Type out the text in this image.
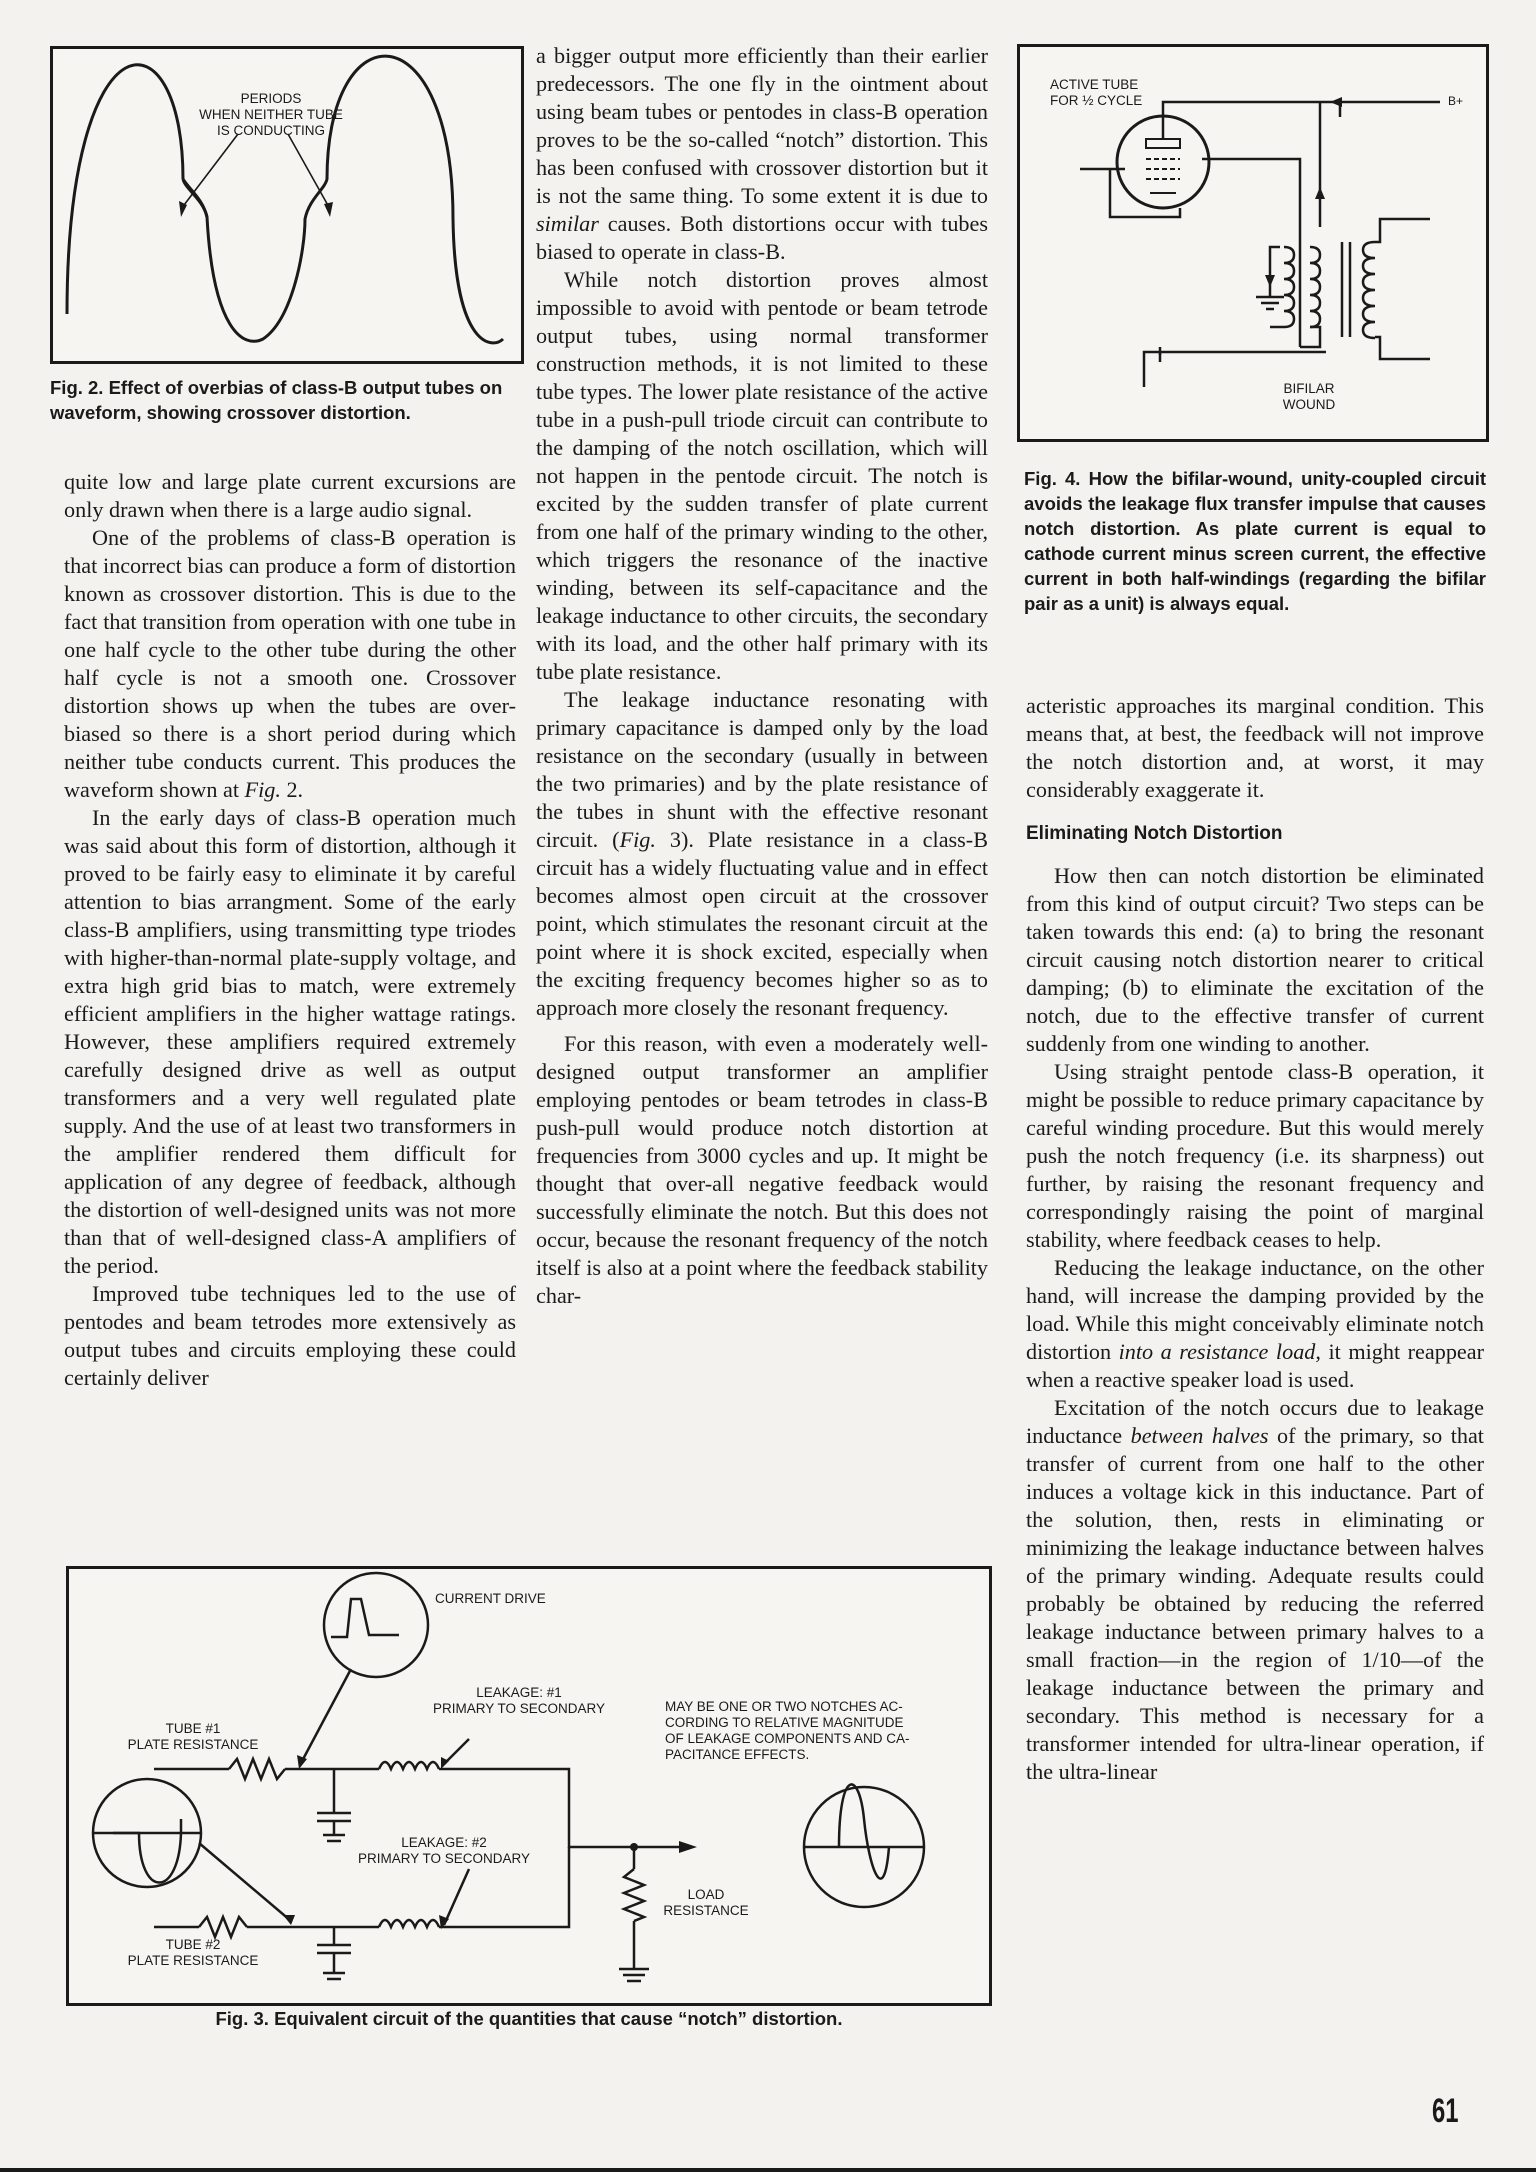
PERIODS
WHEN NEITHER TUBE
IS CONDUCTING
Fig. 2. Effect of overbias of class-B output tubes on waveform, showing crossover distortion.
ACTIVE TUBE
FOR ½ CYCLE	B+
BIFILAR
WOUND
Fig. 4. How the bifilar-wound, unity-coupled circuit avoids the leakage flux transfer impulse that causes notch distortion. As plate current is equal to cathode current minus screen current, the effective current in both half-windings (regarding the bifilar pair as a unit) is always equal.

quite low and large plate current excursions are only drawn when there is a large audio signal.

One of the problems of class-B operation is that incorrect bias can produce a form of distortion known as crossover distortion. This is due to the fact that transition from operation with one tube in one half cycle to the other tube during the other half cycle is not a smooth one. Crossover distortion shows up when the tubes are over-biased so there is a short period during which neither tube conducts current. This produces the waveform shown at Fig. 2.

In the early days of class-B operation much was said about this form of distortion, although it proved to be fairly easy to eliminate it by careful attention to bias arrangment. Some of the early class-B amplifiers, using transmitting type triodes with higher-than-normal plate-supply voltage, and extra high grid bias to match, were extremely efficient amplifiers in the higher wattage ratings. However, these amplifiers required extremely carefully designed drive as well as output transformers and a very well regulated plate supply. And the use of at least two transformers in the amplifier rendered them difficult for application of any degree of feedback, although the distortion of well-designed units was not more than that of well-designed class-A amplifiers of the period.

Improved tube techniques led to the use of pentodes and beam tetrodes more extensively as output tubes and circuits employing these could certainly deliver

a bigger output more efficiently than their earlier predecessors. The one fly in the ointment about using beam tubes or pentodes in class-B operation proves to be the so-called “notch” distortion. This has been confused with crossover distortion but it is not the same thing. To some extent it is due to similar causes. Both distortions occur with tubes biased to operate in class-B.

While notch distortion proves almost impossible to avoid with pentode or beam tetrode output tubes, using normal transformer construction methods, it is not limited to these tube types. The lower plate resistance of the active tube in a push-pull triode circuit can contribute to the damping of the notch oscillation, which will not happen in the pentode circuit. The notch is excited by the sudden transfer of plate current from one half of the primary winding to the other, which triggers the resonance of the inactive winding, between its self-capacitance and the leakage inductance to other circuits, the secondary with its load, and the other half primary with its tube plate resistance.

The leakage inductance resonating with primary capacitance is damped only by the load resistance on the secondary (usually in between the two primaries) and by the plate resistance of the tubes in shunt with the effective resonant circuit. (Fig. 3). Plate resistance in a class-B circuit has a widely fluctuating value and in effect becomes almost open circuit at the crossover point, which stimulates the resonant circuit at the point where it is shock excited, especially when the exciting frequency becomes higher so as to approach more closely the resonant frequency.

For this reason, with even a moderately well-designed output transformer an amplifier employing pentodes or beam tetrodes in class-B push-pull would produce notch distortion at frequencies from 3000 cycles and up. It might be thought that over-all negative feedback would successfully eliminate the notch. But this does not occur, because the resonant frequency of the notch itself is also at a point where the feedback stability char-

acteristic approaches its marginal condition. This means that, at best, the feedback will not improve the notch distortion and, at worst, it may considerably exaggerate it.

Eliminating Notch Distortion

How then can notch distortion be eliminated from this kind of output circuit? Two steps can be taken towards this end: (a) to bring the resonant circuit causing notch distortion nearer to critical damping; (b) to eliminate the excitation of the notch, due to the effective transfer of current suddenly from one winding to another.

Using straight pentode class-B operation, it might be possible to reduce primary capacitance by careful winding procedure. But this would merely push the notch frequency (i.e. its sharpness) out further, by raising the resonant frequency and correspondingly raising the point of marginal stability, where feedback ceases to help.

Reducing the leakage inductance, on the other hand, will increase the damping provided by the load. While this might conceivably eliminate notch distortion into a resistance load, it might reappear when a reactive speaker load is used.

Excitation of the notch occurs due to leakage inductance between halves of the primary, so that transfer of current from one half to the other induces a voltage kick in this inductance. Part of the solution, then, rests in eliminating or minimizing the leakage inductance between halves of the primary winding. Adequate results could probably be obtained by reducing the referred leakage inductance between primary halves to a small fraction—in the region of 1/10—of the leakage inductance between the primary and secondary. This method is necessary for a transformer intended for ultra-linear operation, if the ultra-linear

CURRENT DRIVE
LEAKAGE: #1
PRIMARY TO SECONDARY
LEAKAGE: #2
PRIMARY TO SECONDARY
TUBE #1
PLATE RESISTANCE
TUBE #2
PLATE RESISTANCE
MAY BE ONE OR TWO NOTCHES AC-
CORDING TO RELATIVE MAGNITUDE
OF LEAKAGE COMPONENTS AND CA-
PACITANCE EFFECTS.
LOAD
RESISTANCE
Fig. 3. Equivalent circuit of the quantities that cause “notch” distortion.
61
